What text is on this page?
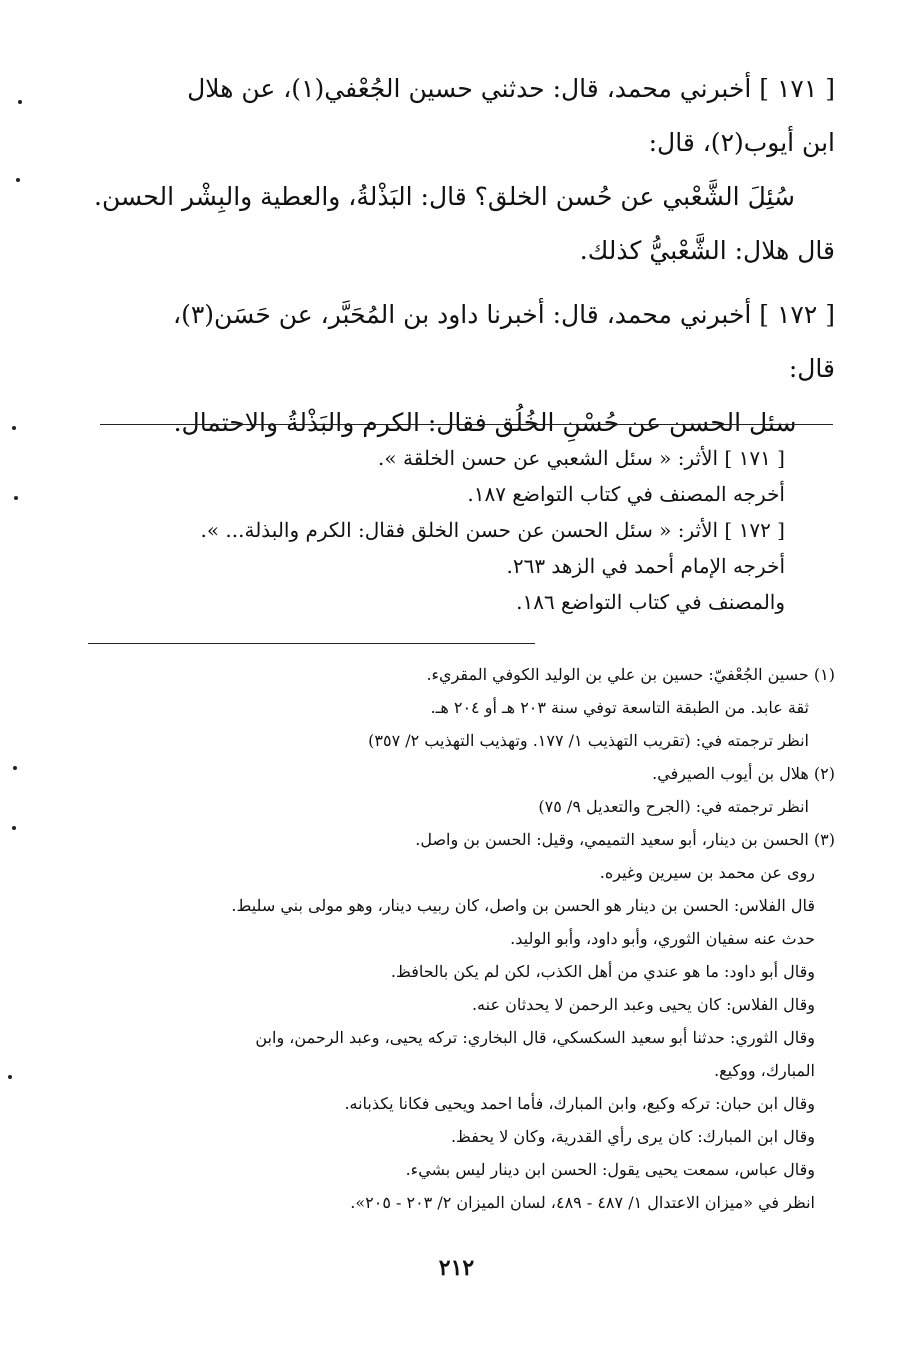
[ ١٧١ ] أخبرني محمد، قال: حدثني حسين الجُعْفي(١)، عن هلال
ابن أيوب(٢)، قال:
سُئِلَ الشَّعْبي عن حُسن الخلق؟ قال: البَذْلةُ، والعطية والبِشْر الحسن.
قال هلال: الشَّعْبيُّ كذلك.
[ ١٧٢ ] أخبرني محمد، قال: أخبرنا داود بن المُحَبَّر، عن حَسَن(٣)،
قال:
سئل الحسن عن حُسْنِ الخُلُق فقال: الكرم والبَذْلةُ والاحتمال.
[ ١٧١ ] الأثر: « سئل الشعبي عن حسن الخلقة ».
أخرجه المصنف في كتاب التواضع ١٨٧.
[ ١٧٢ ] الأثر: « سئل الحسن عن حسن الخلق فقال: الكرم والبذلة... ».
أخرجه الإمام أحمد في الزهد ٢٦٣.
والمصنف في كتاب التواضع ١٨٦.
(١) حسين الجُعْفيّ: حسين بن علي بن الوليد الكوفي المقريء.
ثقة عابد. من الطبقة التاسعة توفي سنة ٢٠٣ هـ أو ٢٠٤ هـ.
انظر ترجمته في: (تقريب التهذيب ١/ ١٧٧. وتهذيب التهذيب ٢/ ٣٥٧)
(٢) هلال بن أيوب الصيرفي.
انظر ترجمته في: (الجرح والتعديل ٩/ ٧٥)
(٣) الحسن بن دينار، أبو سعيد التميمي، وقيل: الحسن بن واصل.
روى عن محمد بن سيرين وغيره.
قال الفلاس: الحسن بن دينار هو الحسن بن واصل، كان ربيب دينار، وهو مولى بني سليط.
حدث عنه سفيان الثوري، وأبو داود، وأبو الوليد.
وقال أبو داود: ما هو عندي من أهل الكذب، لكن لم يكن بالحافظ.
وقال الفلاس: كان يحيى وعبد الرحمن لا يحدثان عنه.
وقال الثوري: حدثنا أبو سعيد السكسكي، قال البخاري: تركه يحيى، وعبد الرحمن، وابن
المبارك، ووكيع.
وقال ابن حبان: تركه وكيع، وابن المبارك، فأما احمد ويحيى فكانا يكذبانه.
وقال ابن المبارك: كان يرى رأي القدرية، وكان لا يحفظ.
وقال عباس، سمعت يحيى يقول: الحسن ابن دينار ليس بشيء.
انظر في «ميزان الاعتدال ١/ ٤٨٧ - ٤٨٩، لسان الميزان ٢/ ٢٠٣ - ٢٠٥».
٢١٢
